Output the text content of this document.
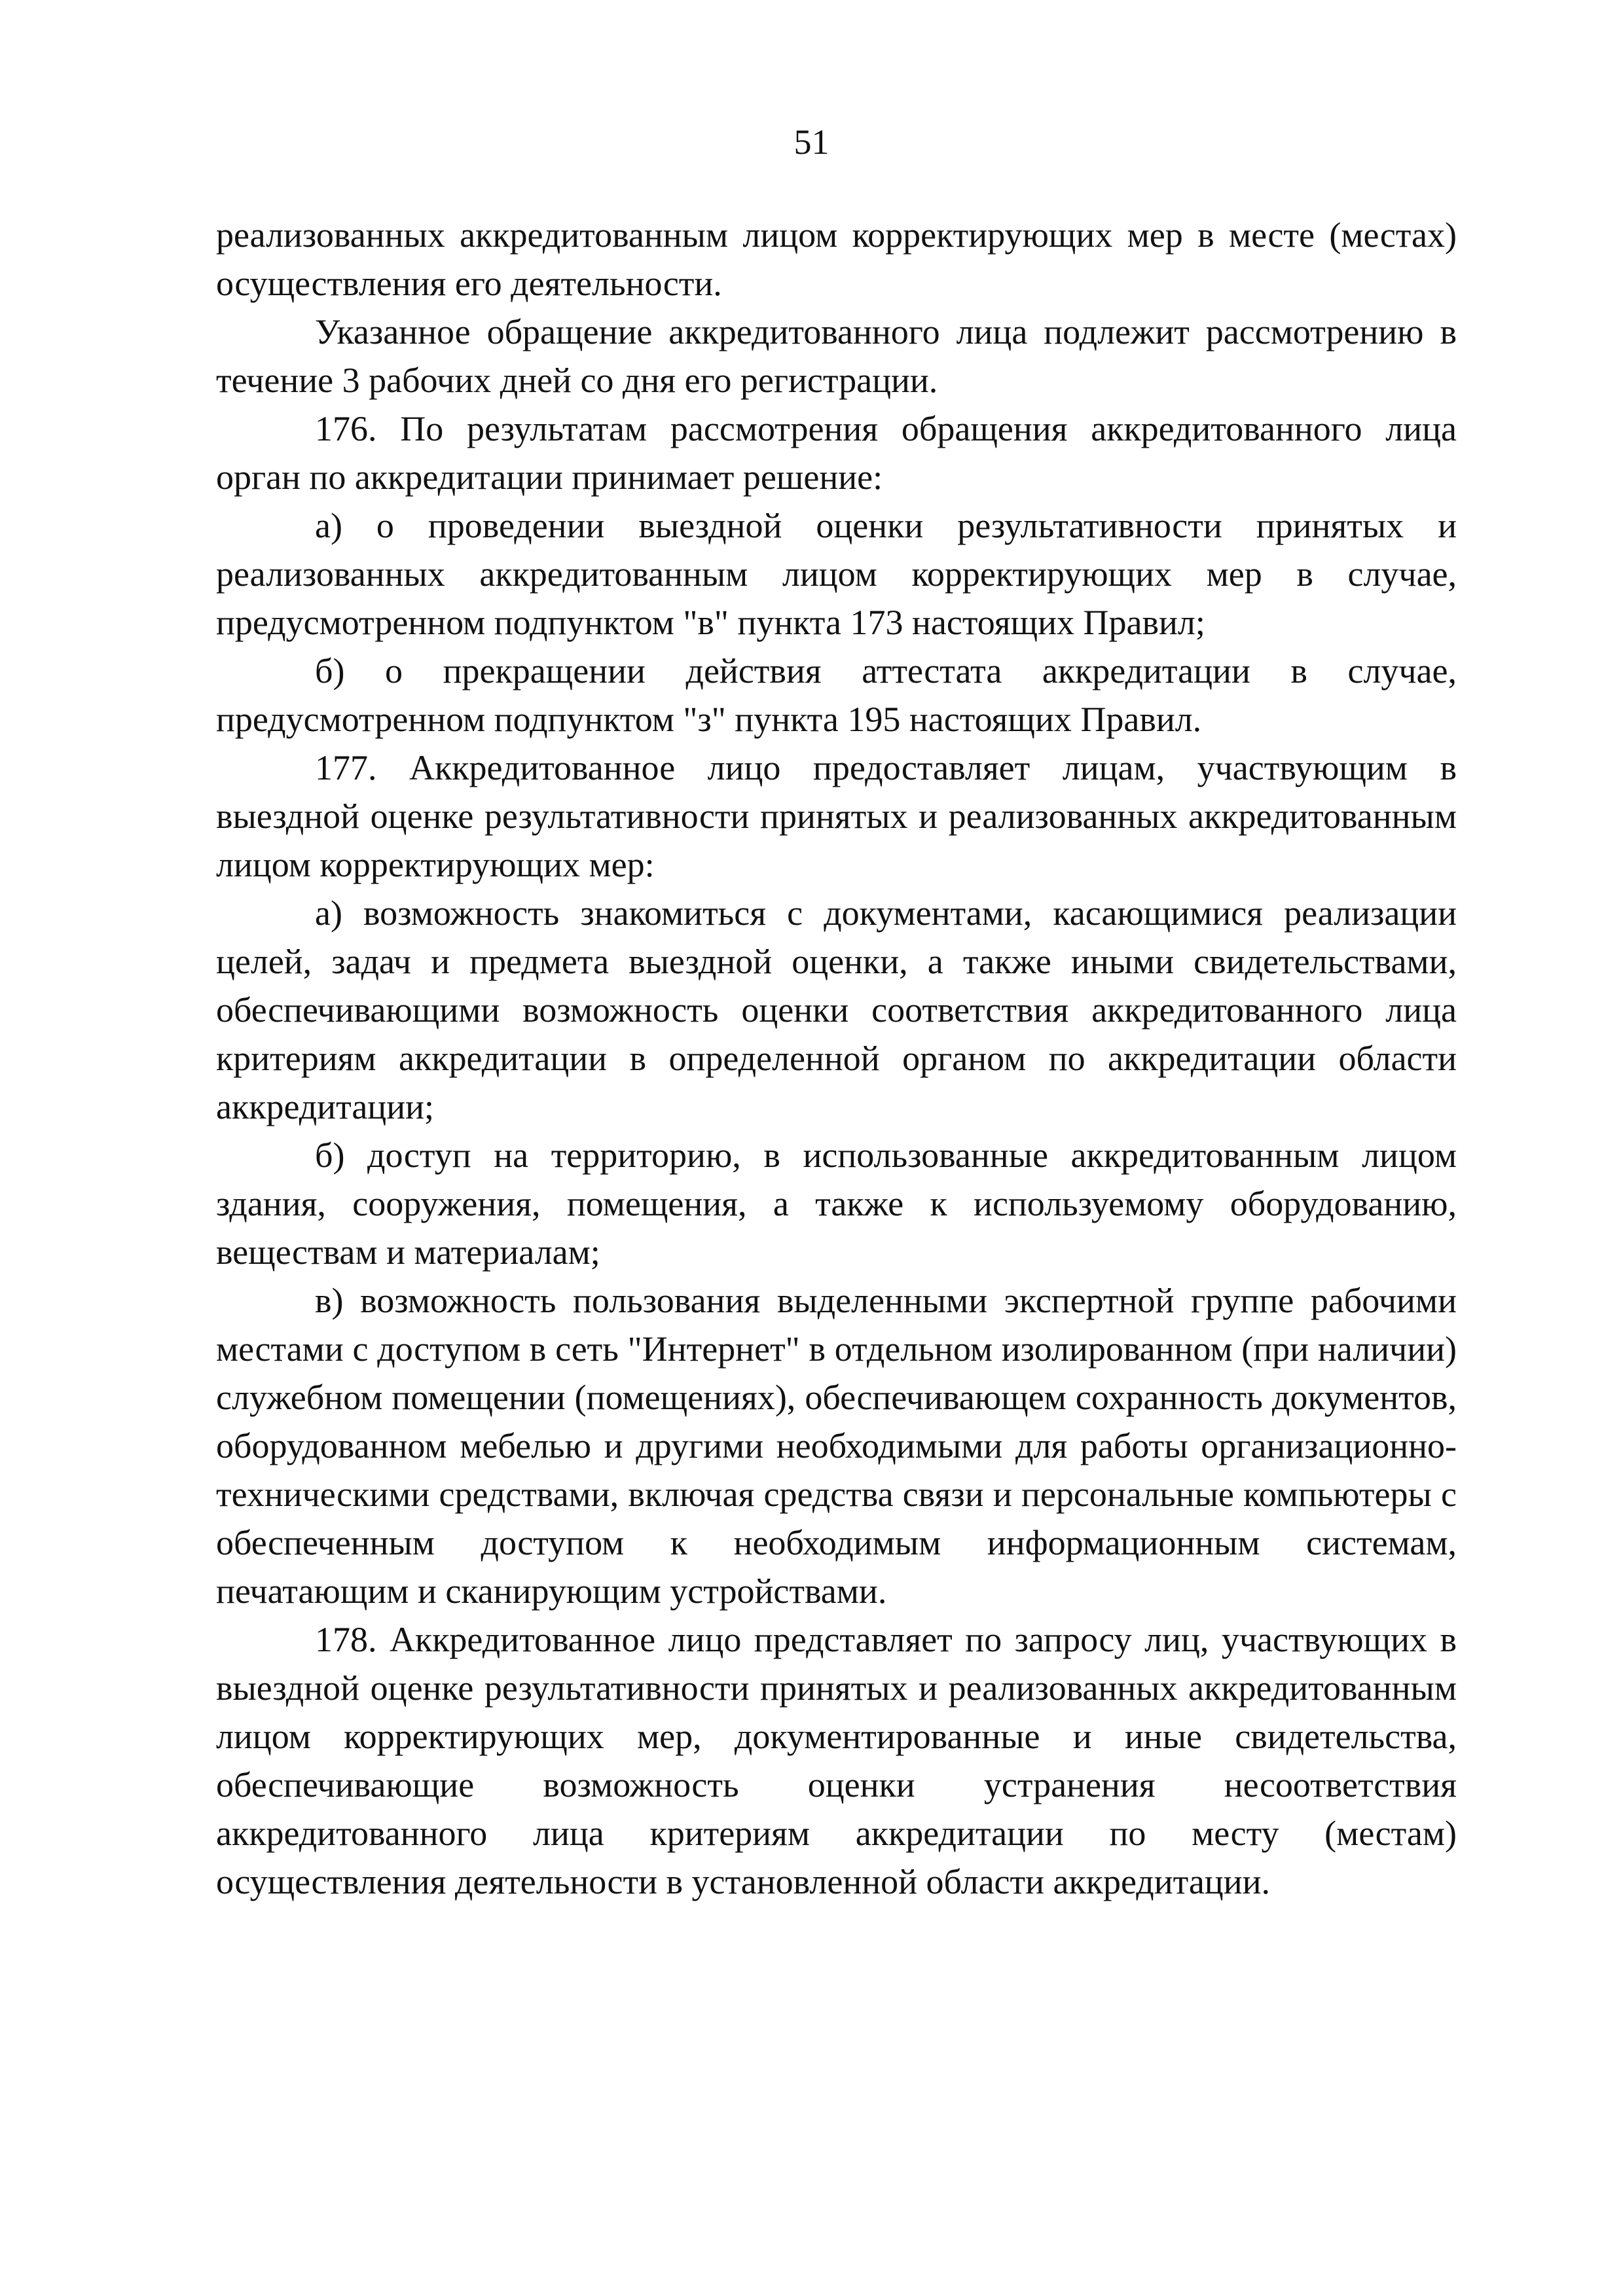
51

реализованных аккредитованным лицом корректирующих мер в месте (местах) осуществления его деятельности.

Указанное обращение аккредитованного лица подлежит рассмотрению в течение 3 рабочих дней со дня его регистрации.

176. По результатам рассмотрения обращения аккредитованного лица орган по аккредитации принимает решение:

а) о проведении выездной оценки результативности принятых и реализованных аккредитованным лицом корректирующих мер в случае, предусмотренном подпунктом "в" пункта 173 настоящих Правил;

б) о прекращении действия аттестата аккредитации в случае, предусмотренном подпунктом "з" пункта 195 настоящих Правил.

177. Аккредитованное лицо предоставляет лицам, участвующим в выездной оценке результативности принятых и реализованных аккредитованным лицом корректирующих мер:

а) возможность знакомиться с документами, касающимися реализации целей, задач и предмета выездной оценки, а также иными свидетельствами, обеспечивающими возможность оценки соответствия аккредитованного лица критериям аккредитации в определенной органом по аккредитации области аккредитации;

б) доступ на территорию, в использованные аккредитованным лицом здания, сооружения, помещения, а также к используемому оборудованию, веществам и материалам;

в) возможность пользования выделенными экспертной группе рабочими местами с доступом в сеть "Интернет" в отдельном изолированном (при наличии) служебном помещении (помещениях), обеспечивающем сохранность документов, оборудованном мебелью и другими необходимыми для работы организационно-техническими средствами, включая средства связи и персональные компьютеры с обеспеченным доступом к необходимым информационным системам, печатающим и сканирующим устройствами.

178. Аккредитованное лицо представляет по запросу лиц, участвующих в выездной оценке результативности принятых и реализованных аккредитованным лицом корректирующих мер, документированные и иные свидетельства, обеспечивающие возможность оценки устранения несоответствия аккредитованного лица критериям аккредитации по месту (местам) осуществления деятельности в установленной области аккредитации.
